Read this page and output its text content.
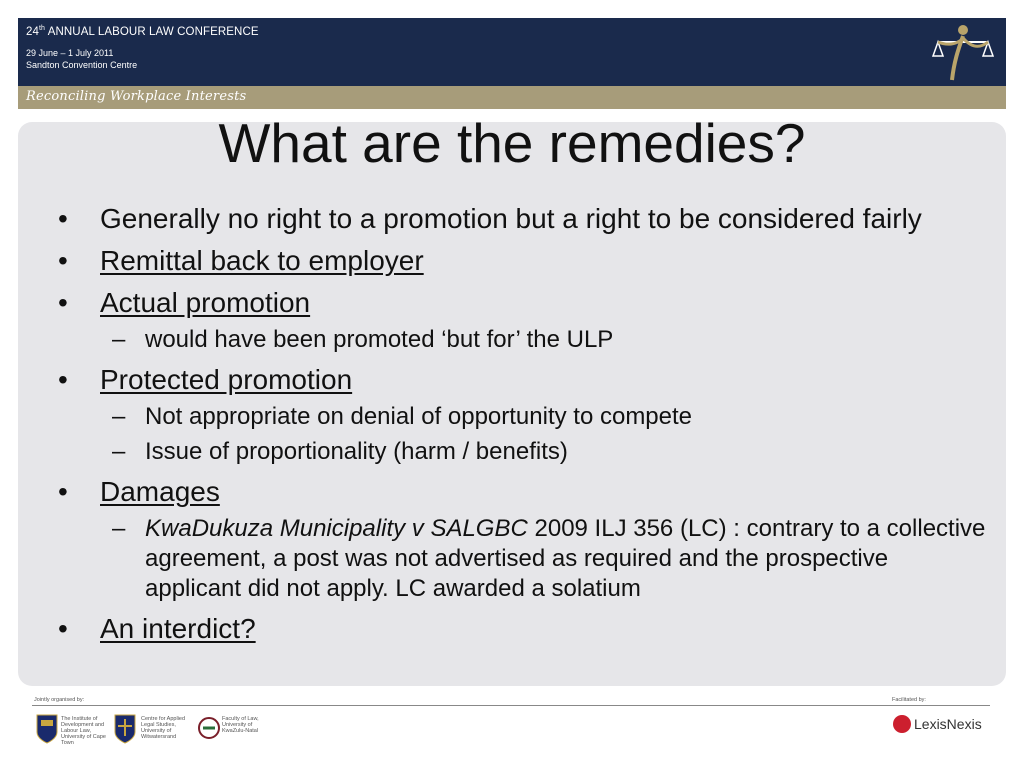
24th ANNUAL LABOUR LAW CONFERENCE
29 June – 1 July 2011
Sandton Convention Centre
Reconciling Workplace Interests
What are the remedies?
• Generally no right to a promotion but a right to be considered fairly
• Remittal back to employer
• Actual promotion
– would have been promoted ‘but for’ the ULP
• Protected promotion
– Not appropriate on denial of opportunity to compete
– Issue of proportionality (harm / benefits)
• Damages
– KwaDukuza Municipality v SALGBC 2009 ILJ 356 (LC) : contrary to a collective agreement, a post was not advertised as required and the prospective applicant did not apply. LC awarded a solatium
• An interdict?
Jointly organised by:
The Institute of Development and Labour Law, University of Cape Town
Centre for Applied Legal Studies, University of Witwatersrand
Faculty of Law, University of KwaZulu-Natal
Facilitated by:
LexisNexis
